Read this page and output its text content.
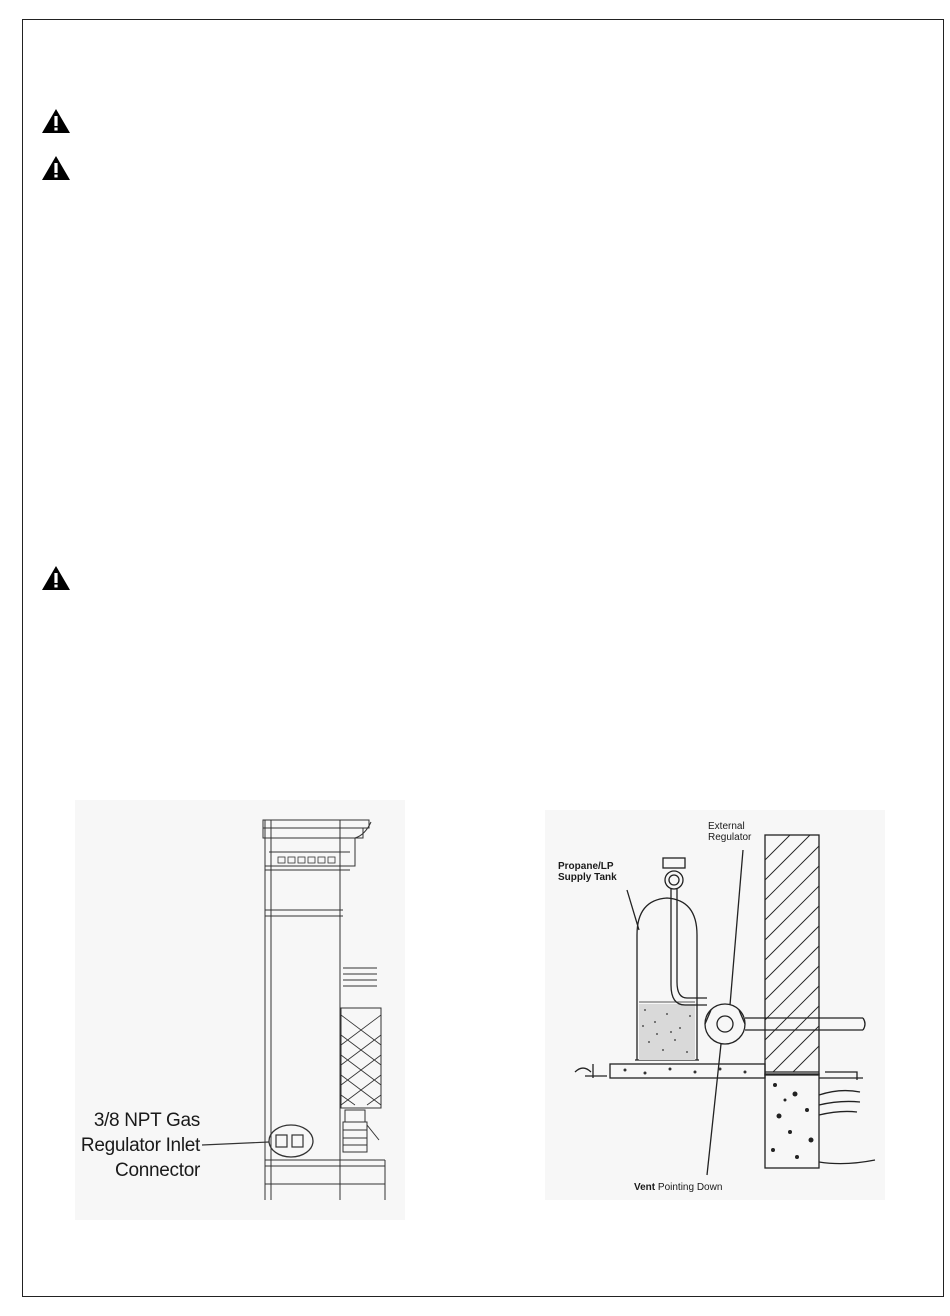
3/8 NPT Gas
Regulator Inlet
Connector
Propane/LP
Supply Tank
External
Regulator
Vent Pointing Down
